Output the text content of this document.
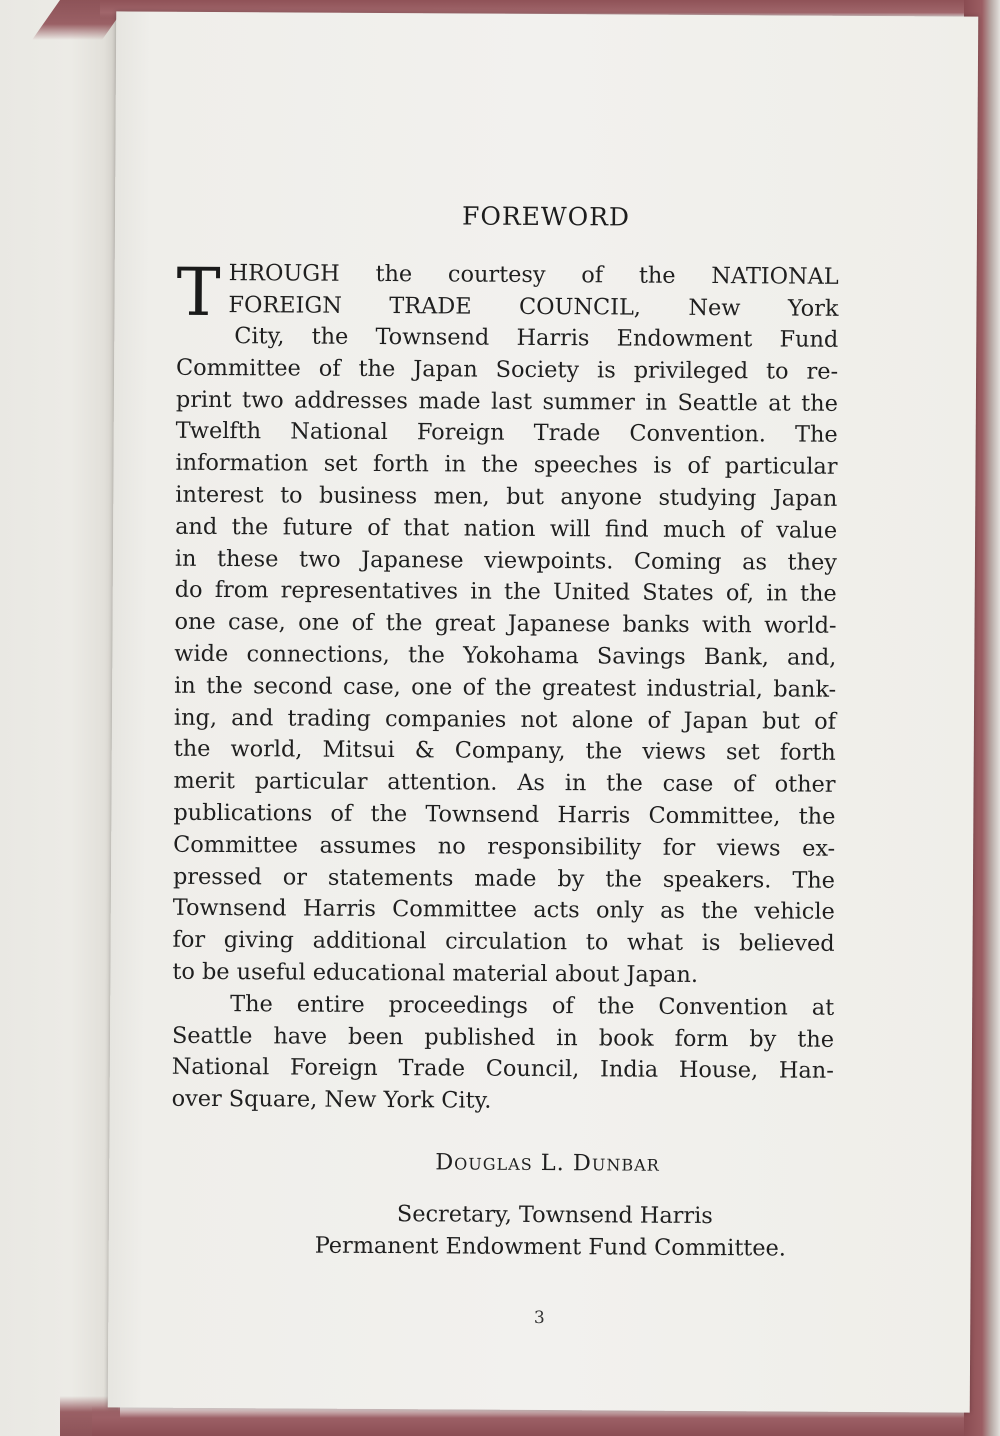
FOREWORD
T HROUGH the courtesy of the NATIONAL
FOREIGN TRADE COUNCIL, New York
City, the Townsend Harris Endowment Fund
Committee of the Japan Society is privileged to re-
print two addresses made last summer in Seattle at the
Twelfth National Foreign Trade Convention. The
information set forth in the speeches is of particular
interest to business men, but anyone studying Japan
and the future of that nation will find much of value
in these two Japanese viewpoints. Coming as they
do from representatives in the United States of, in the
one case, one of the great Japanese banks with world-
wide connections, the Yokohama Savings Bank, and,
in the second case, one of the greatest industrial, bank-
ing, and trading companies not alone of Japan but of
the world, Mitsui & Company, the views set forth
merit particular attention. As in the case of other
publications of the Townsend Harris Committee, the
Committee assumes no responsibility for views ex-
pressed or statements made by the speakers. The
Townsend Harris Committee acts only as the vehicle
for giving additional circulation to what is believed
to be useful educational material about Japan.
The entire proceedings of the Convention at
Seattle have been published in book form by the
National Foreign Trade Council, India House, Han-
over Square, New York City.
Douglas L. Dunbar
Secretary, Townsend Harris
Permanent Endowment Fund Committee.
3
